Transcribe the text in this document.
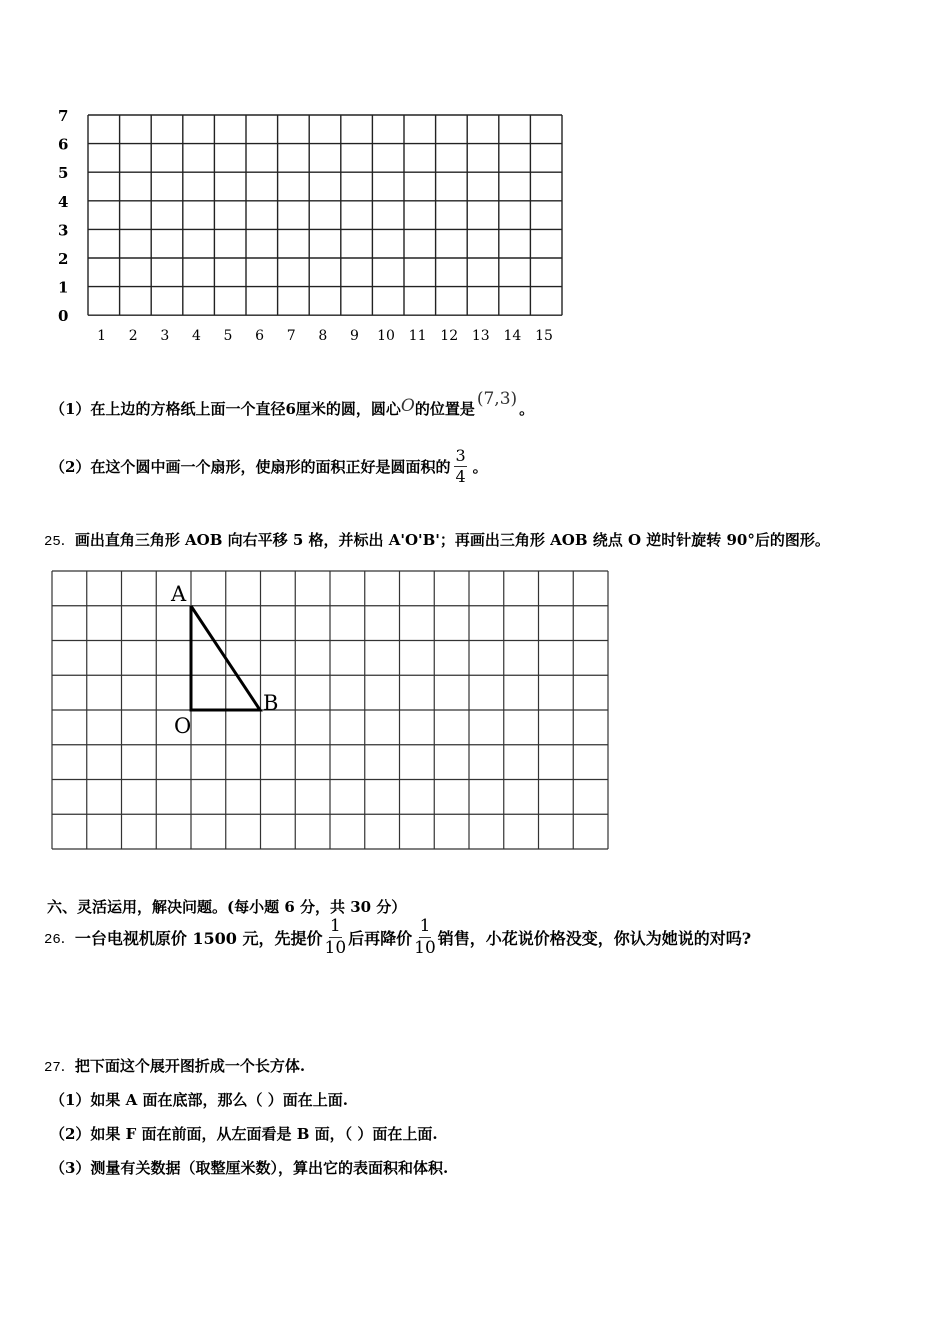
7
6
5
4
3
2
1
0
1 2 3 4 5 6 7 8 9 10 11 12 13 14 15
（1）在上边的方格纸上面一个直径6厘米的圆，圆心O的位置是 (7,3) 。
（2）在这个圆中画一个扇形，使扇形的面积正好是圆面积的 $\frac{3}{4}$ 。
25．画出直角三角形 AOB 向右平移 5 格，并标出 A'O'B'；再画出三角形 AOB 绕点 O 逆时针旋转 90°后的图形。
A
O
B
六、灵活运用，解决问题。(每小题 6 分，共 30 分）
26． 一台电视机原价 1500 元，先提价 $\frac{1}{10}$ 后再降价 $\frac{1}{10}$ 销售，小花说价格没变，你认为她说的对吗?
27．把下面这个展开图折成一个长方体.
（1）如果 A 面在底部，那么（ ）面在上面.
（2）如果 F 面在前面，从左面看是 B 面，（ ）面在上面.
（3）测量有关数据（取整厘米数），算出它的表面积和体积.
